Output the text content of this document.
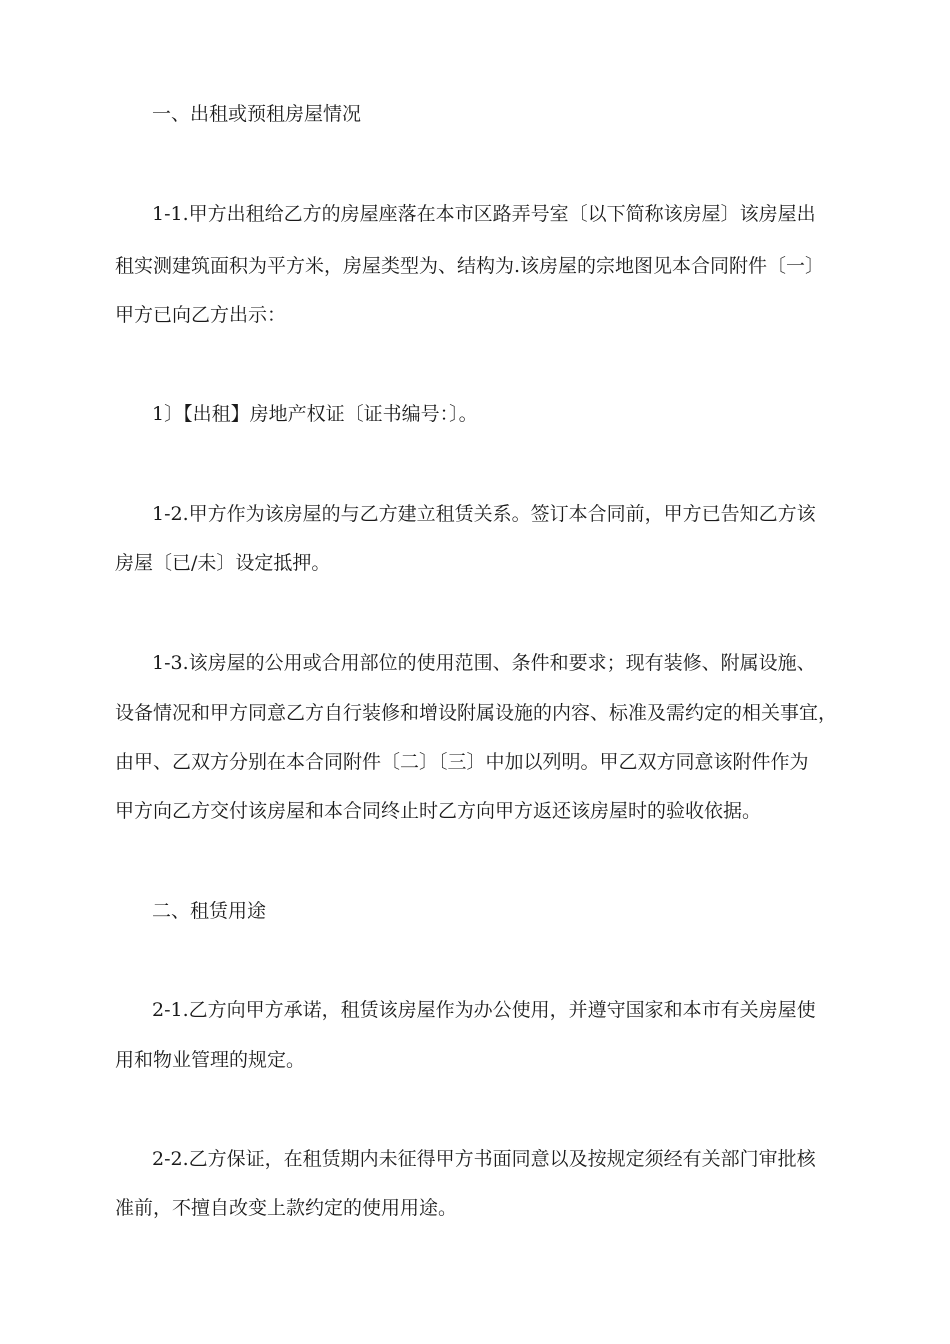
一、出租或预租房屋情况
1-1.甲方出租给乙方的房屋座落在本市区路弄号室〔以下简称该房屋〕该房屋出
租实测建筑面积为平方米，房屋类型为、结构为.该房屋的宗地图见本合同附件〔一〕
甲方已向乙方出示：
1〕【出租】房地产权证〔证书编号：〕。
1-2.甲方作为该房屋的与乙方建立租赁关系。签订本合同前，甲方已告知乙方该
房屋〔已/未〕设定抵押。
1-3.该房屋的公用或合用部位的使用范围、条件和要求；现有装修、附属设施、
设备情况和甲方同意乙方自行装修和增设附属设施的内容、标准及需约定的相关事宜，
由甲、乙双方分别在本合同附件〔二〕〔三〕中加以列明。甲乙双方同意该附件作为
甲方向乙方交付该房屋和本合同终止时乙方向甲方返还该房屋时的验收依据。
二、租赁用途
2-1.乙方向甲方承诺，租赁该房屋作为办公使用，并遵守国家和本市有关房屋使
用和物业管理的规定。
2-2.乙方保证，在租赁期内未征得甲方书面同意以及按规定须经有关部门审批核
准前，不擅自改变上款约定的使用用途。
